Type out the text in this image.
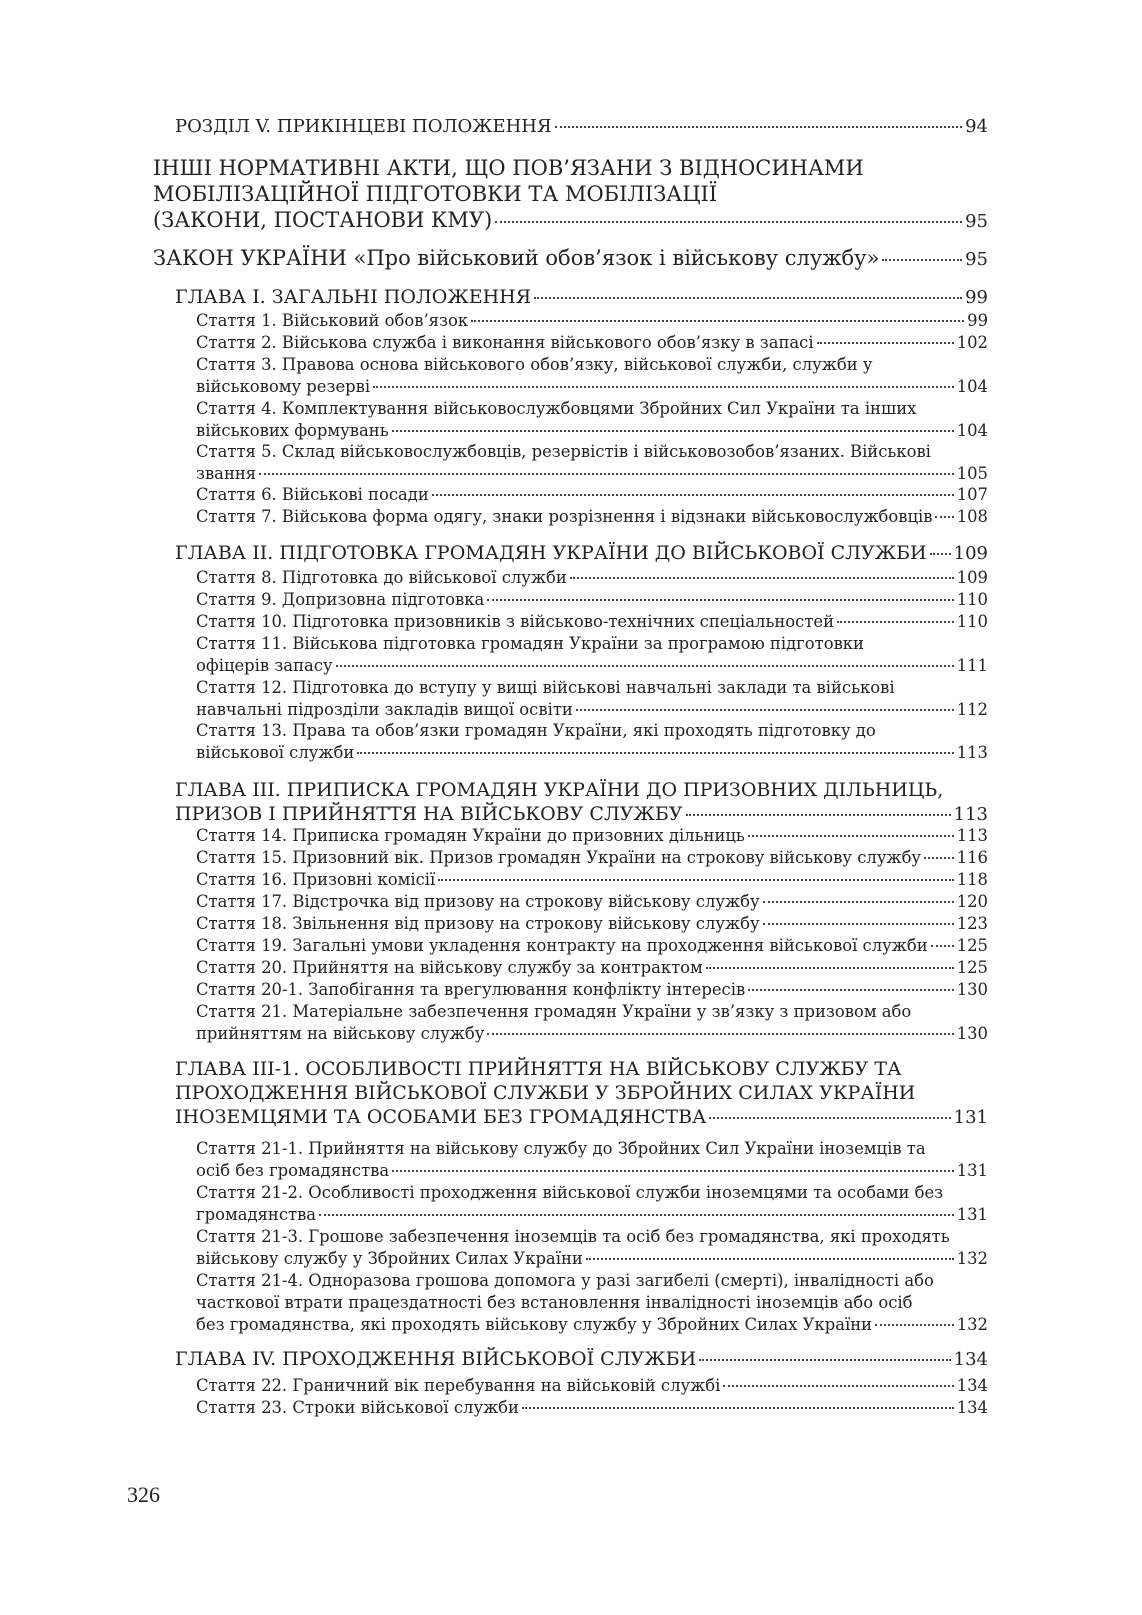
РОЗДІЛ V. ПРИКІНЦЕВІ ПОЛОЖЕННЯ	94
ІНШІ НОРМАТИВНІ АКТИ, ЩО ПОВ’ЯЗАНИ З ВІДНОСИНАМИ
МОБІЛІЗАЦІЙНОЇ ПІДГОТОВКИ ТА МОБІЛІЗАЦІЇ
(ЗАКОНИ, ПОСТАНОВИ КМУ)	95
ЗАКОН УКРАЇНИ «Про військовий обов’язок і військову службу»	95
ГЛАВА І. ЗАГАЛЬНІ ПОЛОЖЕННЯ	99
Стаття 1. Військовий обов’язок	99
Стаття 2. Військова служба і виконання військового обов’язку в запасі	102
Стаття 3. Правова основа військового обов’язку, військової служби, служби у
військовому резерві	104
Стаття 4. Комплектування військовослужбовцями Збройних Сил України та інших
військових формувань	104
Стаття 5. Склад військовослужбовців, резервістів і військовозобов’язаних. Військові
звання	105
Стаття 6. Військові посади	107
Стаття 7. Військова форма одягу, знаки розрізнення і відзнаки військовослужбовців 108
ГЛАВА ІІ. ПІДГОТОВКА ГРОМАДЯН УКРАЇНИ ДО ВІЙСЬКОВОЇ СЛУЖБИ 109
Стаття 8. Підготовка до військової служби	109
Стаття 9. Допризовна підготовка	110
Стаття 10. Підготовка призовників з військово-технічних спеціальностей	110
Стаття 11. Військова підготовка громадян України за програмою підготовки
офіцерів запасу	111
Стаття 12. Підготовка до вступу у вищі військові навчальні заклади та військові
навчальні підрозділи закладів вищої освіти	112
Стаття 13. Права та обов’язки громадян України, які проходять підготовку до
військової служби	113
ГЛАВА ІІІ. ПРИПИСКА ГРОМАДЯН УКРАЇНИ ДО ПРИЗОВНИХ ДІЛЬНИЦЬ,
ПРИЗОВ І ПРИЙНЯТТЯ НА ВІЙСЬКОВУ СЛУЖБУ	113
Стаття 14. Приписка громадян України до призовних дільниць	113
Стаття 15. Призовний вік. Призов громадян України на строкову військову службу 116
Стаття 16. Призовні комісії	118
Стаття 17. Відстрочка від призову на строкову військову службу	120
Стаття 18. Звільнення від призову на строкову військову службу	123
Стаття 19. Загальні умови укладення контракту на проходження військової служби 125
Стаття 20. Прийняття на військову службу за контрактом	125
Стаття 20-1. Запобігання та врегулювання конфлікту інтересів	130
Стаття 21. Матеріальне забезпечення громадян України у зв’язку з призовом або
прийняттям на військову службу	130
ГЛАВА ІІІ-1. ОСОБЛИВОСТІ ПРИЙНЯТТЯ НА ВІЙСЬКОВУ СЛУЖБУ ТА
ПРОХОДЖЕННЯ ВІЙСЬКОВОЇ СЛУЖБИ У ЗБРОЙНИХ СИЛАХ УКРАЇНИ
ІНОЗЕМЦЯМИ ТА ОСОБАМИ БЕЗ ГРОМАДЯНСТВА	131
Стаття 21-1. Прийняття на військову службу до Збройних Сил України іноземців та
осіб без громадянства	131
Стаття 21-2. Особливості проходження військової служби іноземцями та особами без
громадянства	131
Стаття 21-3. Грошове забезпечення іноземців та осіб без громадянства, які проходять
військову службу у Збройних Силах України	132
Стаття 21-4. Одноразова грошова допомога у разі загибелі (смерті), інвалідності або
часткової втрати працездатності без встановлення інвалідності іноземців або осіб
без громадянства, які проходять військову службу у Збройних Силах України	132
ГЛАВА IV. ПРОХОДЖЕННЯ ВІЙСЬКОВОЇ СЛУЖБИ	134
Стаття 22. Граничний вік перебування на військовій службі	134
Стаття 23. Строки військової служби	134
326
